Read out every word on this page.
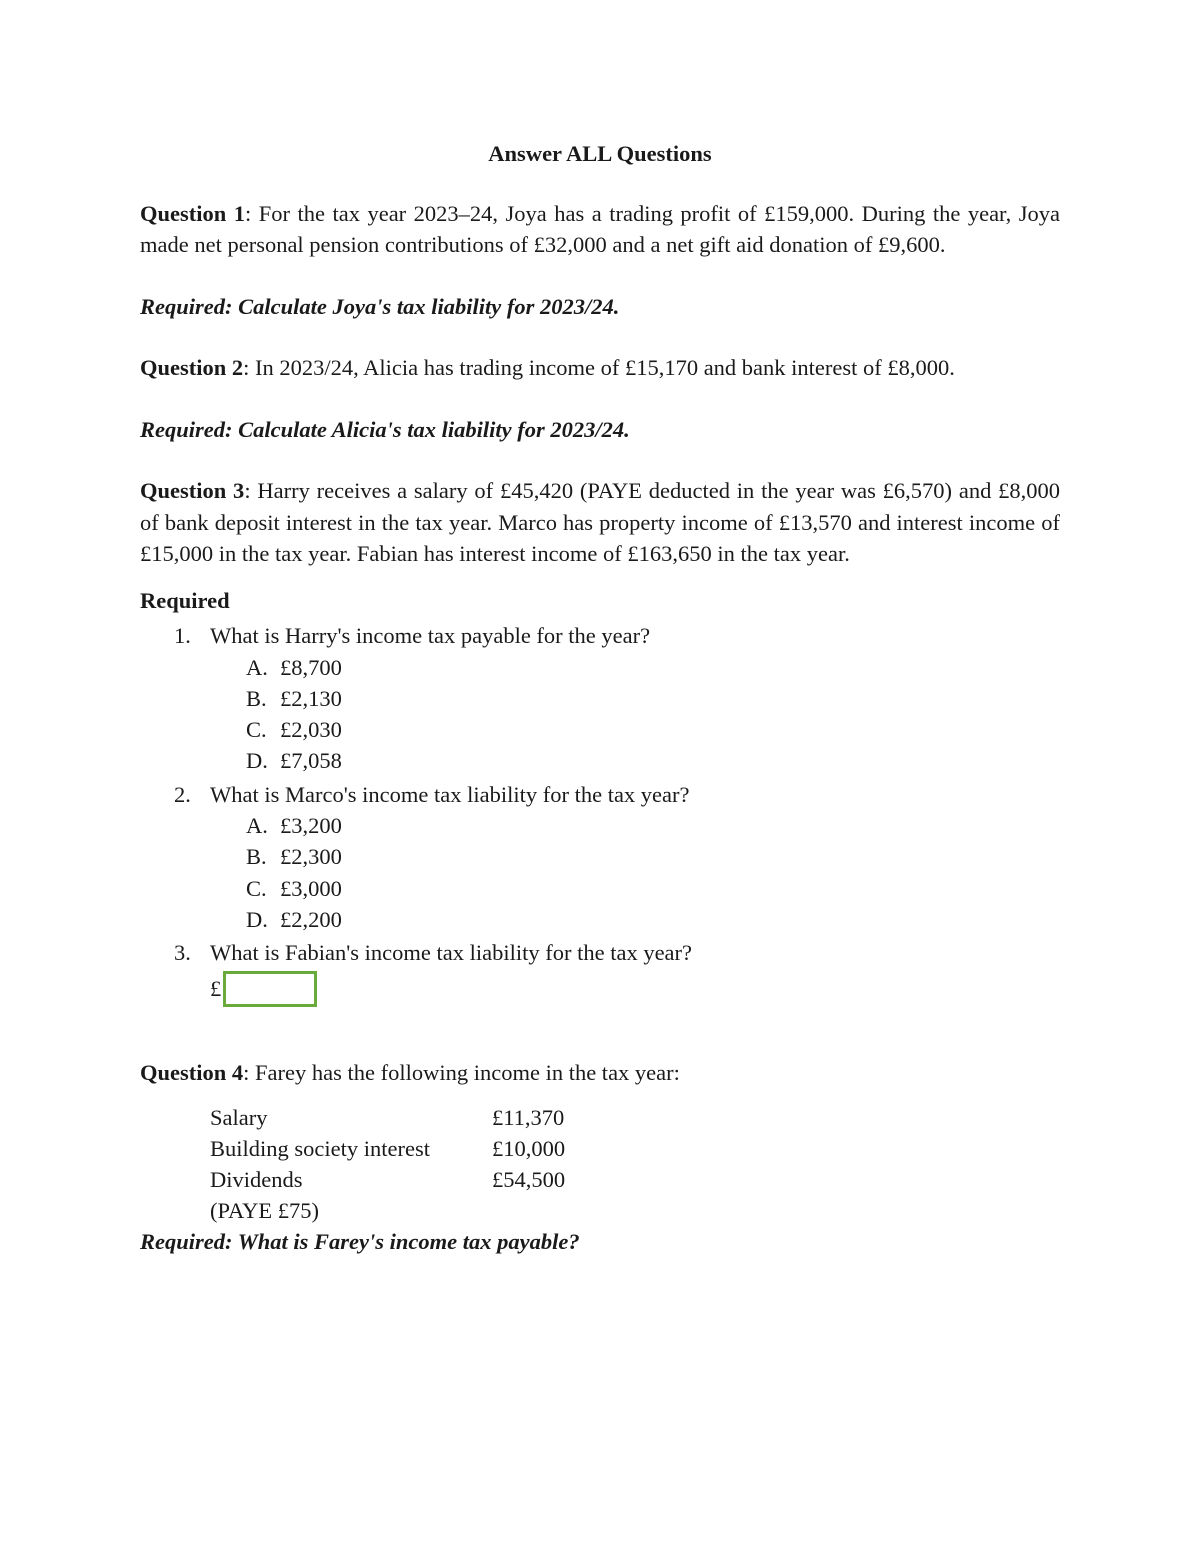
Answer ALL Questions

Question 1: For the tax year 2023–24, Joya has a trading profit of £159,000. During the year, Joya made net personal pension contributions of £32,000 and a net gift aid donation of £9,600.

Required: Calculate Joya's tax liability for 2023/24.

Question 2: In 2023/24, Alicia has trading income of £15,170 and bank interest of £8,000.

Required: Calculate Alicia's tax liability for 2023/24.

Question 3: Harry receives a salary of £45,420 (PAYE deducted in the year was £6,570) and £8,000 of bank deposit interest in the tax year. Marco has property income of £13,570 and interest income of £15,000 in the tax year. Fabian has interest income of £163,650 in the tax year.

Required

1. What is Harry's income tax payable for the year?
A. £8,700
B. £2,130
C. £2,030
D. £7,058
2. What is Marco's income tax liability for the tax year?
A. £3,200
B. £2,300
C. £3,000
D. £2,200
3. What is Fabian's income tax liability for the tax year?
£

Question 4: Farey has the following income in the tax year:

Salary	£11,370
Building society interest	£10,000
Dividends	£54,500
(PAYE £75)	

Required: What is Farey's income tax payable?
